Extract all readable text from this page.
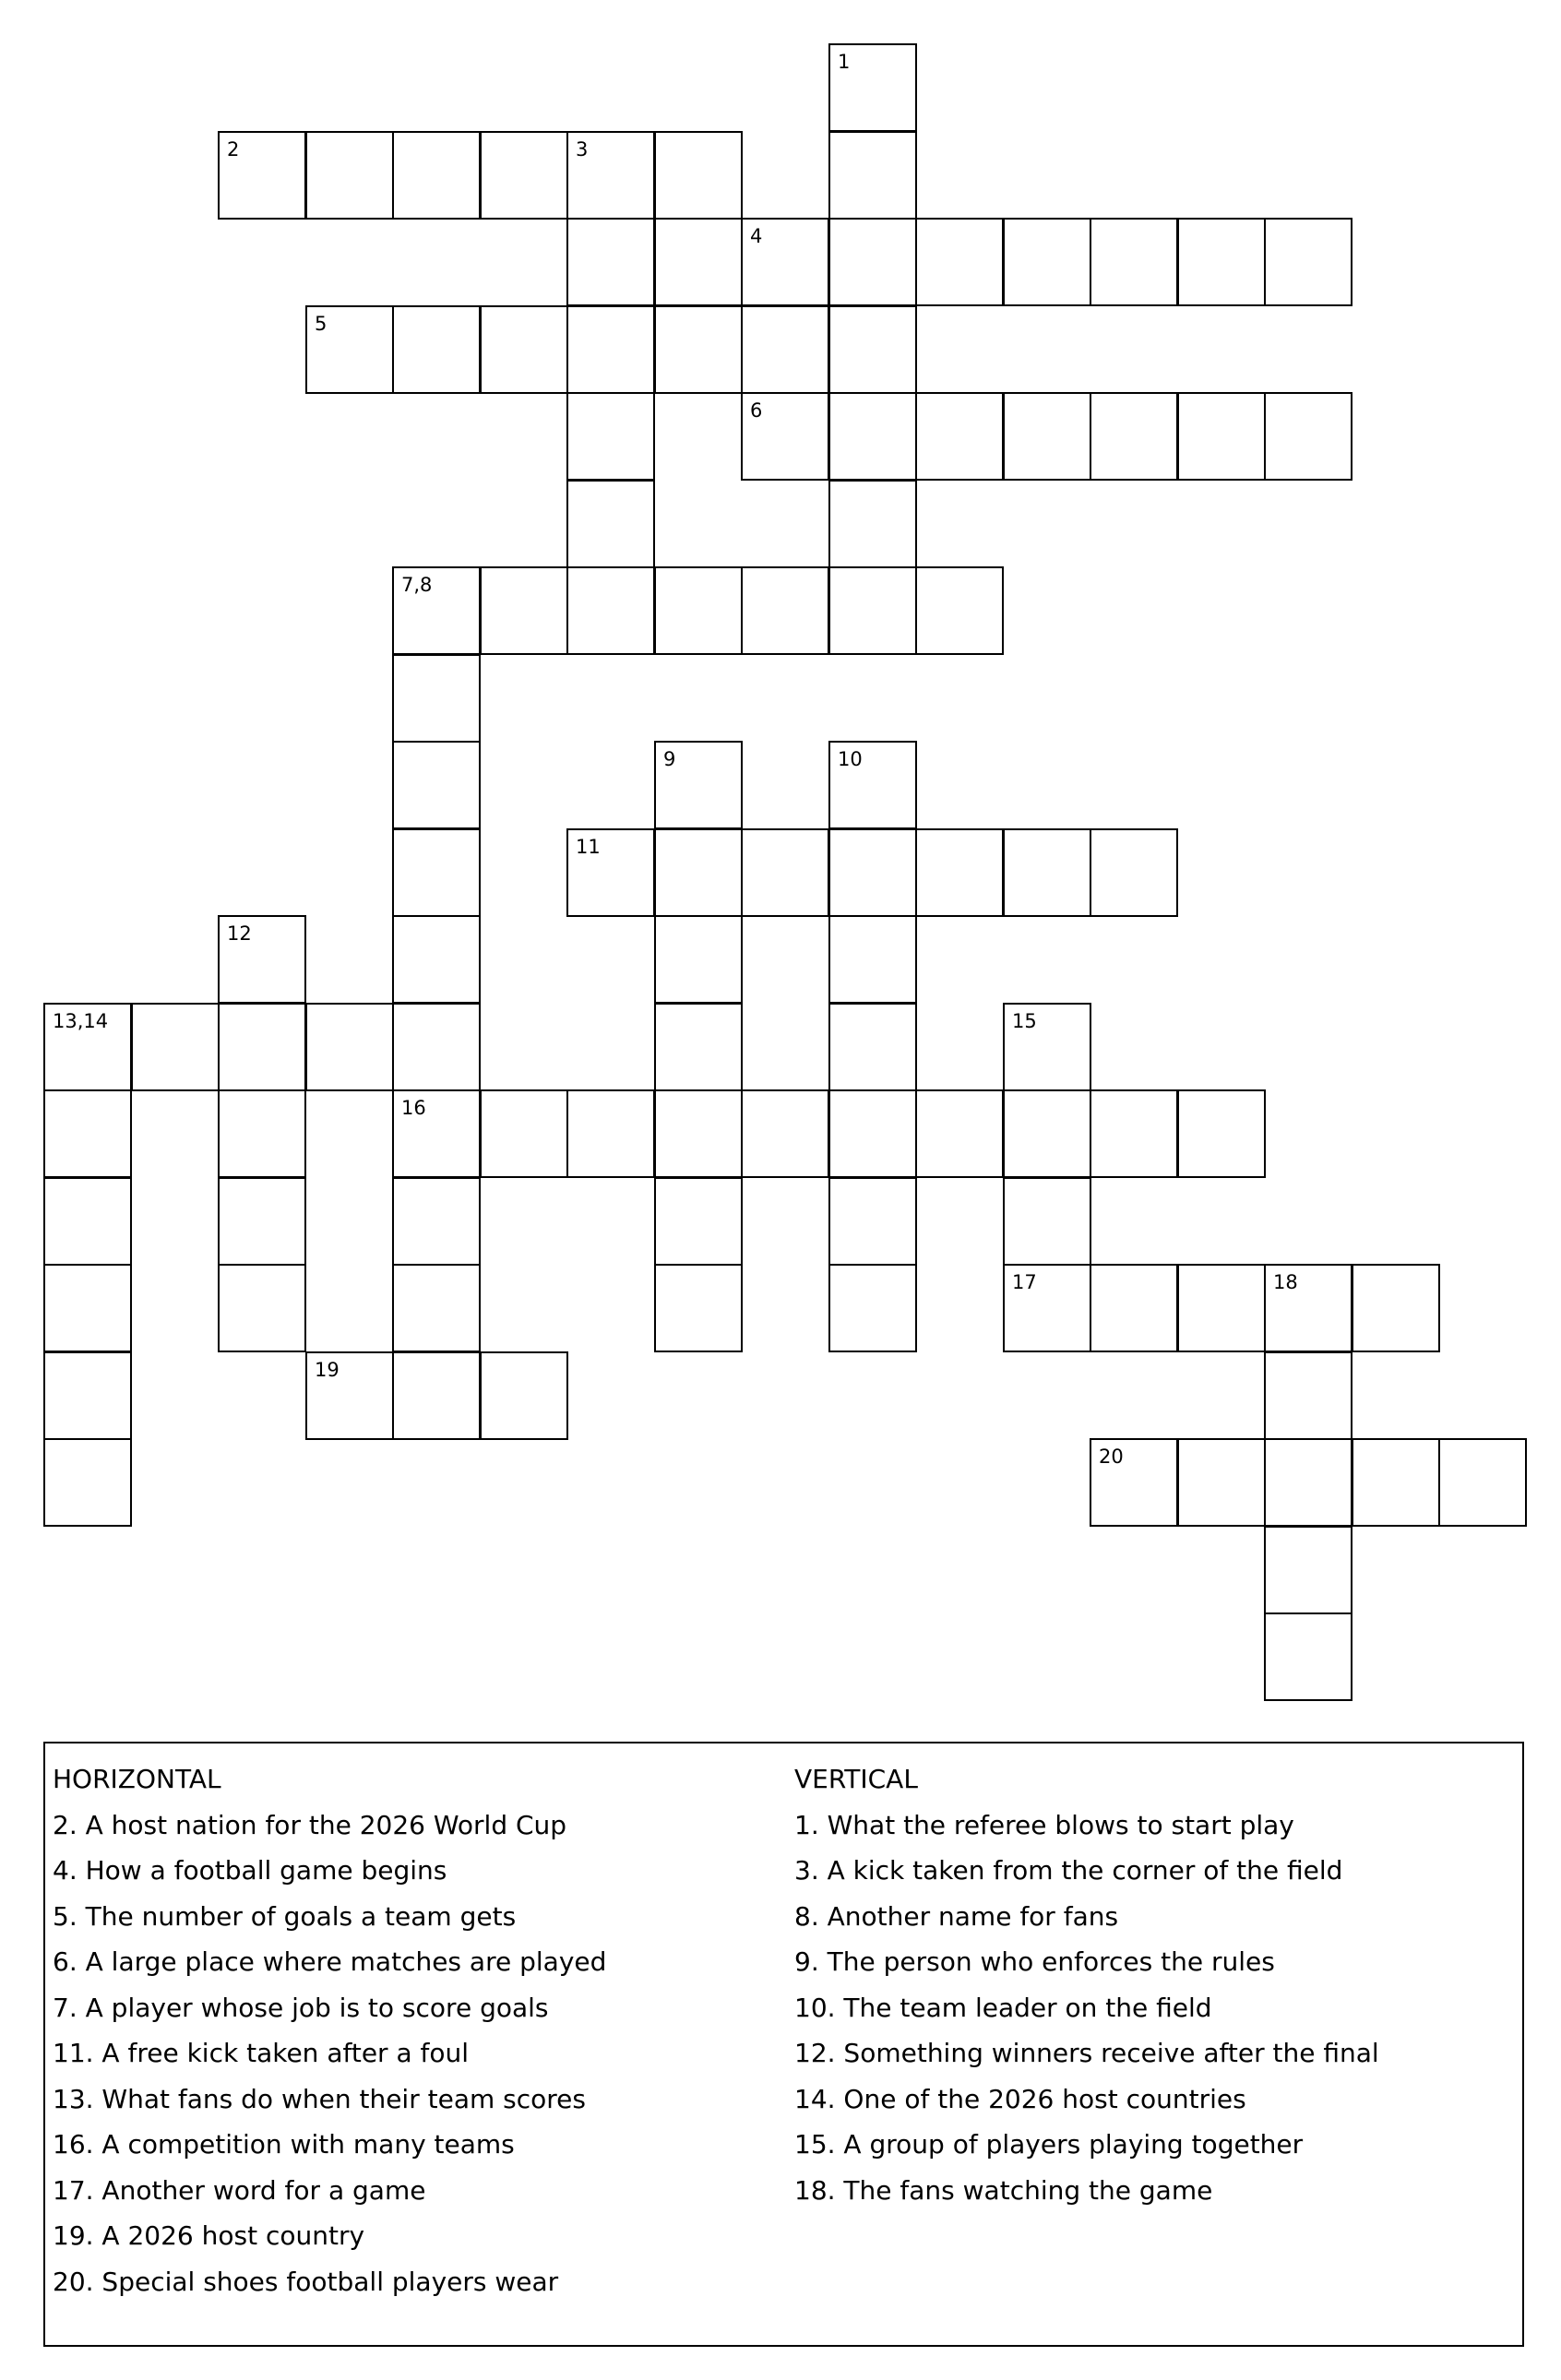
1
2	3
4
5
6
7,8
9	10
11
12
13,14	15
16
17	18
19
20
HORIZONTAL
2. A host nation for the 2026 World Cup
4. How a football game begins
5. The number of goals a team gets
6. A large place where matches are played
7. A player whose job is to score goals
11. A free kick taken after a foul
13. What fans do when their team scores
16. A competition with many teams
17. Another word for a game
19. A 2026 host country
20. Special shoes football players wear
VERTICAL
1. What the referee blows to start play
3. A kick taken from the corner of the field
8. Another name for fans
9. The person who enforces the rules
10. The team leader on the field
12. Something winners receive after the final
14. One of the 2026 host countries
15. A group of players playing together
18. The fans watching the game
